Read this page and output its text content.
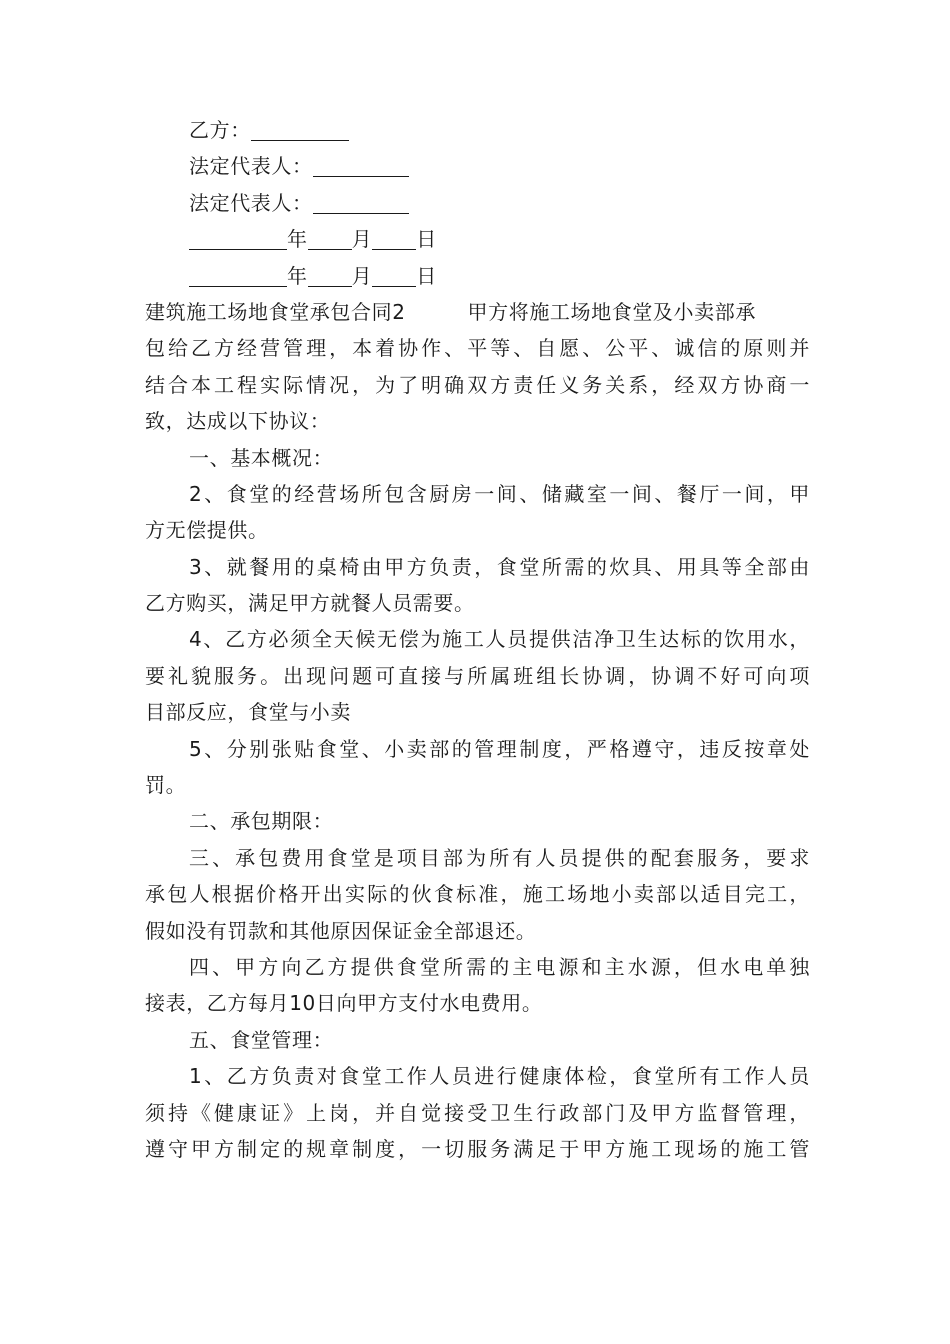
乙方：
法定代表人：
法定代表人：
年 月 日
年 月 日
建筑施工场地食堂承包合同2	甲方将施工场地食堂及小卖部承
包给乙方经营管理，本着协作、平等、自愿、公平、诚信的原则并
结合本工程实际情况，为了明确双方责任义务关系，经双方协商一
致，达成以下协议：
一、基本概况：
2、食堂的经营场所包含厨房一间、储藏室一间、餐厅一间，甲
方无偿提供。
3、就餐用的桌椅由甲方负责，食堂所需的炊具、用具等全部由
乙方购买，满足甲方就餐人员需要。
4、乙方必须全天候无偿为施工人员提供洁净卫生达标的饮用水，
要礼貌服务。出现问题可直接与所属班组长协调，协调不好可向项
目部反应，食堂与小卖
5、分别张贴食堂、小卖部的管理制度，严格遵守，违反按章处
罚。
二、承包期限：
三、承包费用食堂是项目部为所有人员提供的配套服务，要求
承包人根据价格开出实际的伙食标准，施工场地小卖部以适目完工，
假如没有罚款和其他原因保证金全部退还。
四、甲方向乙方提供食堂所需的主电源和主水源，但水电单独
接表，乙方每月10日向甲方支付水电费用。
五、食堂管理：
1、乙方负责对食堂工作人员进行健康体检，食堂所有工作人员
须持《健康证》上岗，并自觉接受卫生行政部门及甲方监督管理，
遵守甲方制定的规章制度，一切服务满足于甲方施工现场的施工管
